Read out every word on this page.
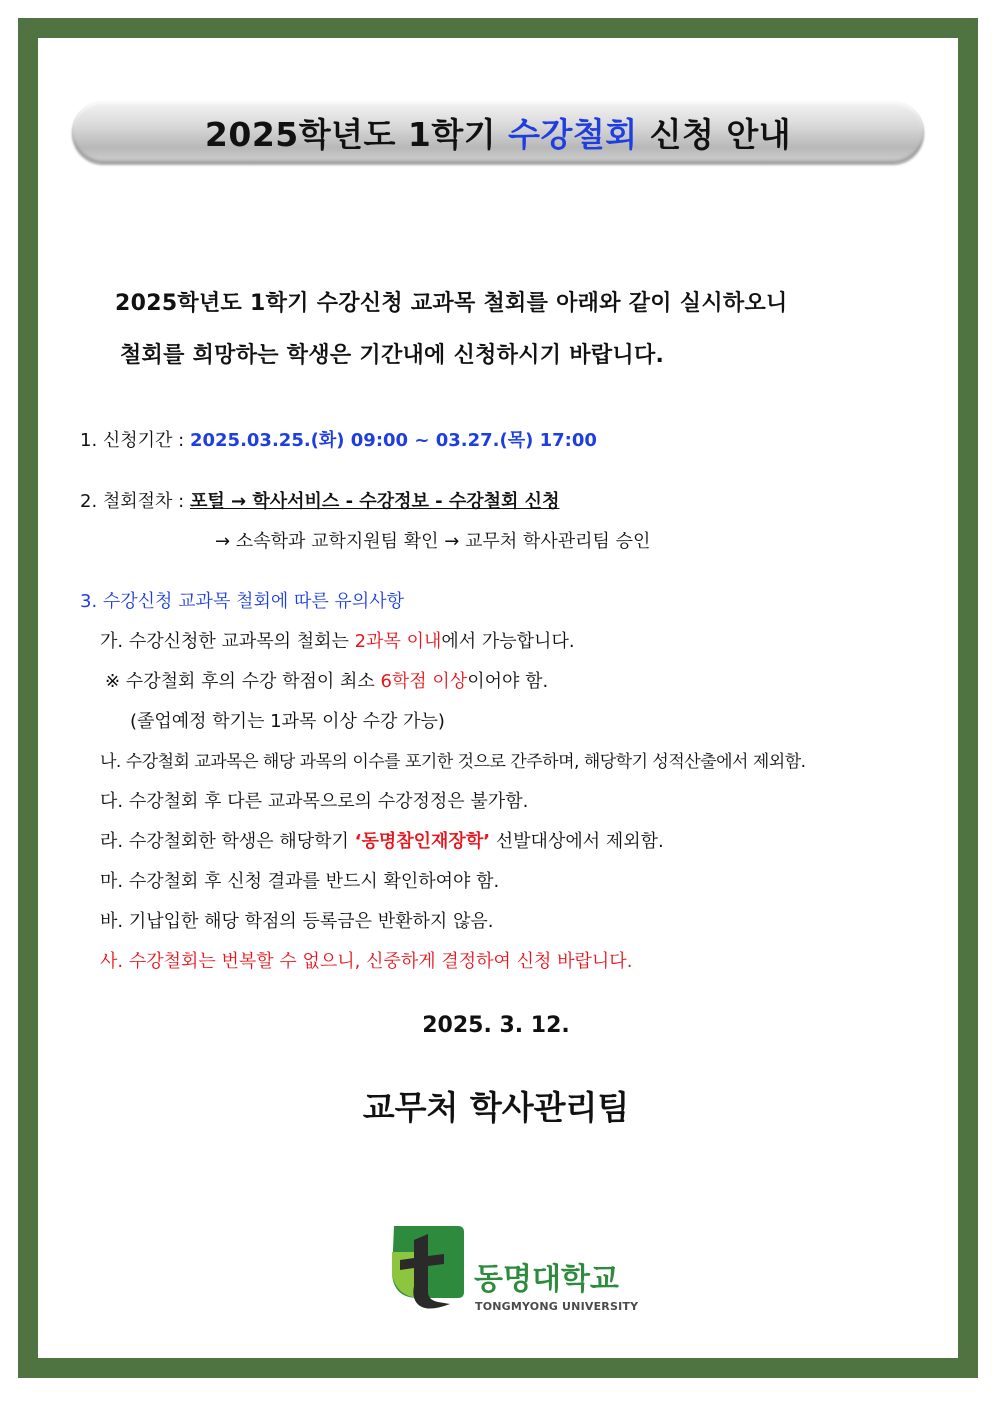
2025학년도 1학기 수강철회 신청 안내
2025학년도 1학기 수강신청 교과목 철회를 아래와 같이 실시하오니
철회를 희망하는 학생은 기간내에 신청하시기 바랍니다.
1. 신청기간 : 2025.03.25.(화) 09:00 ~ 03.27.(목) 17:00
2. 철회절차 : 포털 → 학사서비스 - 수강정보 - 수강철회 신청
→ 소속학과 교학지원팀 확인 → 교무처 학사관리팀 승인
3. 수강신청 교과목 철회에 따른 유의사항
가. 수강신청한 교과목의 철회는 2과목 이내에서 가능합니다.
※ 수강철회 후의 수강 학점이 최소 6학점 이상이어야 함.
(졸업예정 학기는 1과목 이상 수강 가능)
나. 수강철회 교과목은 해당 과목의 이수를 포기한 것으로 간주하며, 해당학기 성적산출에서 제외함.
다. 수강철회 후 다른 교과목으로의 수강정정은 불가함.
라. 수강철회한 학생은 해당학기 ‘동명참인재장학’ 선발대상에서 제외함.
마. 수강철회 후 신청 결과를 반드시 확인하여야 함.
바. 기납입한 해당 학점의 등록금은 반환하지 않음.
사. 수강철회는 번복할 수 없으니, 신중하게 결정하여 신청 바랍니다.
2025. 3. 12.
교무처 학사관리팀
동명대학교
TONGMYONG UNIVERSITY
